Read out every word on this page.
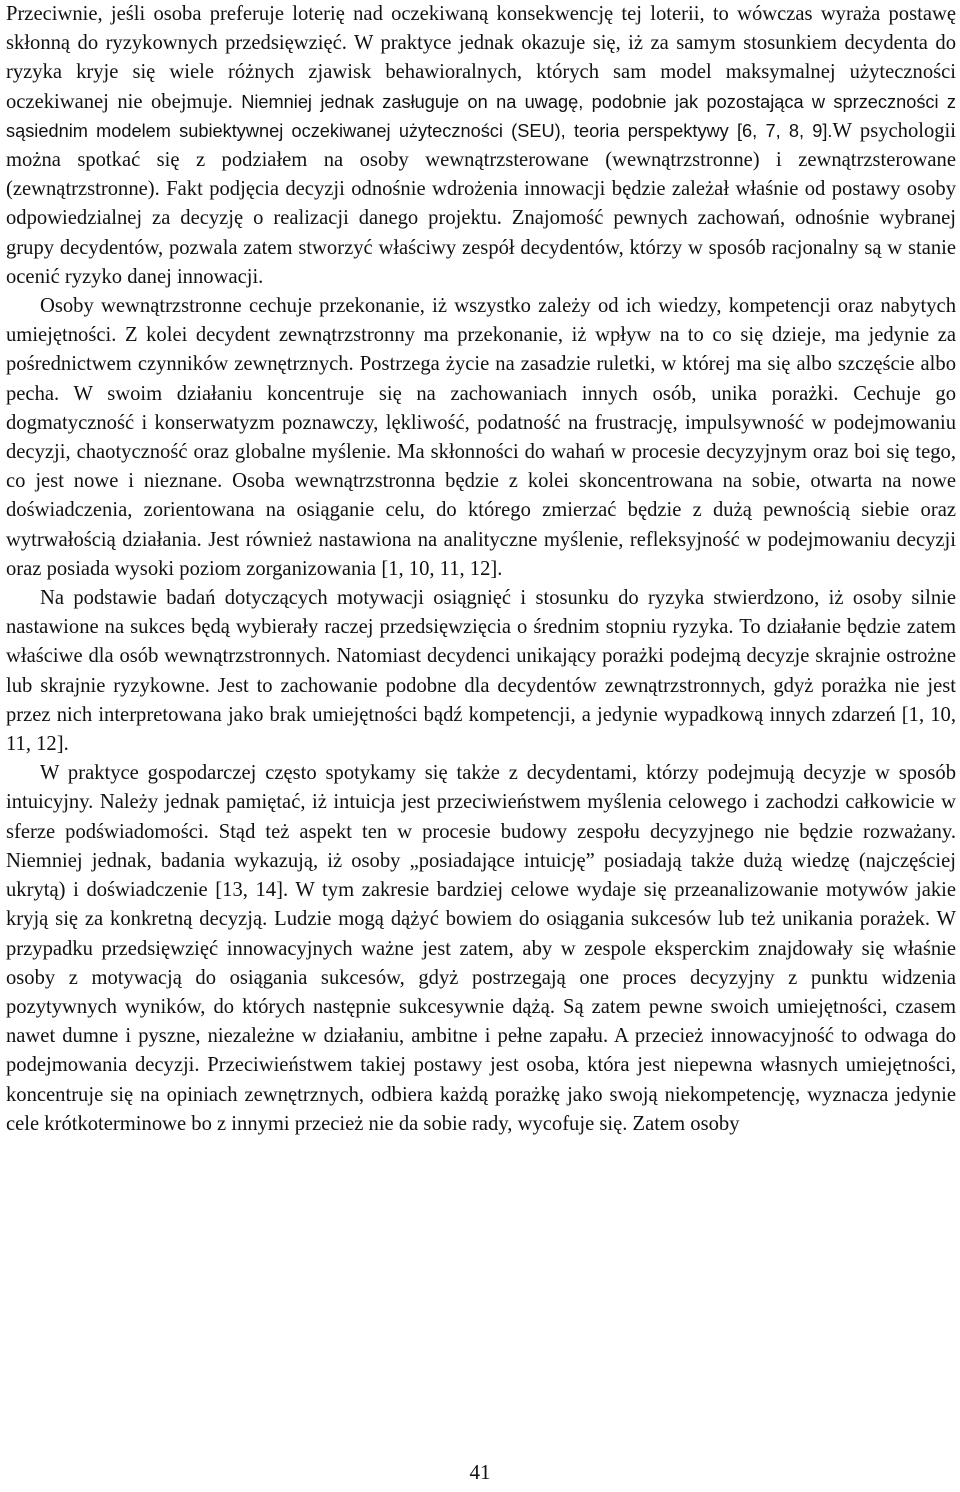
Przeciwnie, jeśli osoba preferuje loterię nad oczekiwaną konsekwencję tej loterii, to wówczas wyraża postawę skłonną do ryzykownych przedsięwzięć. W praktyce jednak okazuje się, iż za samym stosunkiem decydenta do ryzyka kryje się wiele różnych zjawisk behawioralnych, których sam model maksymalnej użyteczności oczekiwanej nie obejmuje. Niemniej jednak zasługuje on na uwagę, podobnie jak pozostająca w sprzeczności z sąsiednim modelem subiektywnej oczekiwanej użyteczności (SEU), teoria perspektywy [6, 7, 8, 9].W psychologii można spotkać się z podziałem na osoby wewnątrzsterowane (wewnątrzstronne) i zewnątrzsterowane (zewnątrzstronne). Fakt podjęcia decyzji odnośnie wdrożenia innowacji będzie zależał właśnie od postawy osoby odpowiedzialnej za decyzję o realizacji danego projektu. Znajomość pewnych zachowań, odnośnie wybranej grupy decydentów, pozwala zatem stworzyć właściwy zespół decydentów, którzy w sposób racjonalny są w stanie ocenić ryzyko danej innowacji.

Osoby wewnątrzstronne cechuje przekonanie, iż wszystko zależy od ich wiedzy, kompetencji oraz nabytych umiejętności. Z kolei decydent zewnątrzstronny ma przekonanie, iż wpływ na to co się dzieje, ma jedynie za pośrednictwem czynników zewnętrznych. Postrzega życie na zasadzie ruletki, w której ma się albo szczęście albo pecha. W swoim działaniu koncentruje się na zachowaniach innych osób, unika porażki. Cechuje go dogmatyczność i konserwatyzm poznawczy, lękliwość, podatność na frustrację, impulsywność w podejmowaniu decyzji, chaotyczność oraz globalne myślenie. Ma skłonności do wahań w procesie decyzyjnym oraz boi się tego, co jest nowe i nieznane. Osoba wewnątrzstronna będzie z kolei skoncentrowana na sobie, otwarta na nowe doświadczenia, zorientowana na osiąganie celu, do którego zmierzać będzie z dużą pewnością siebie oraz wytrwałością działania. Jest również nastawiona na analityczne myślenie, refleksyjność w podejmowaniu decyzji oraz posiada wysoki poziom zorganizowania [1, 10, 11, 12].

Na podstawie badań dotyczących motywacji osiągnięć i stosunku do ryzyka stwierdzono, iż osoby silnie nastawione na sukces będą wybierały raczej przedsięwzięcia o średnim stopniu ryzyka. To działanie będzie zatem właściwe dla osób wewnątrzstronnych. Natomiast decydenci unikający porażki podejmą decyzje skrajnie ostrożne lub skrajnie ryzykowne. Jest to zachowanie podobne dla decydentów zewnątrzstronnych, gdyż porażka nie jest przez nich interpretowana jako brak umiejętności bądź kompetencji, a jedynie wypadkową innych zdarzeń [1, 10, 11, 12].

W praktyce gospodarczej często spotykamy się także z decydentami, którzy podejmują decyzje w sposób intuicyjny. Należy jednak pamiętać, iż intuicja jest przeciwieństwem myślenia celowego i zachodzi całkowicie w sferze podświadomości. Stąd też aspekt ten w procesie budowy zespołu decyzyjnego nie będzie rozważany. Niemniej jednak, badania wykazują, iż osoby „posiadające intuicję” posiadają także dużą wiedzę (najczęściej ukrytą) i doświadczenie [13, 14]. W tym zakresie bardziej celowe wydaje się przeanalizowanie motywów jakie kryją się za konkretną decyzją. Ludzie mogą dążyć bowiem do osiągania sukcesów lub też unikania porażek. W przypadku przedsięwzięć innowacyjnych ważne jest zatem, aby w zespole eksperckim znajdowały się właśnie osoby z motywacją do osiągania sukcesów, gdyż postrzegają one proces decyzyjny z punktu widzenia pozytywnych wyników, do których następnie sukcesywnie dążą. Są zatem pewne swoich umiejętności, czasem nawet dumne i pyszne, niezależne w działaniu, ambitne i pełne zapału. A przecież innowacyjność to odwaga do podejmowania decyzji. Przeciwieństwem takiej postawy jest osoba, która jest niepewna własnych umiejętności, koncentruje się na opiniach zewnętrznych, odbiera każdą porażkę jako swoją niekompetencję, wyznacza jedynie cele krótkoterminowe bo z innymi przecież nie da sobie rady, wycofuje się. Zatem osoby

41
